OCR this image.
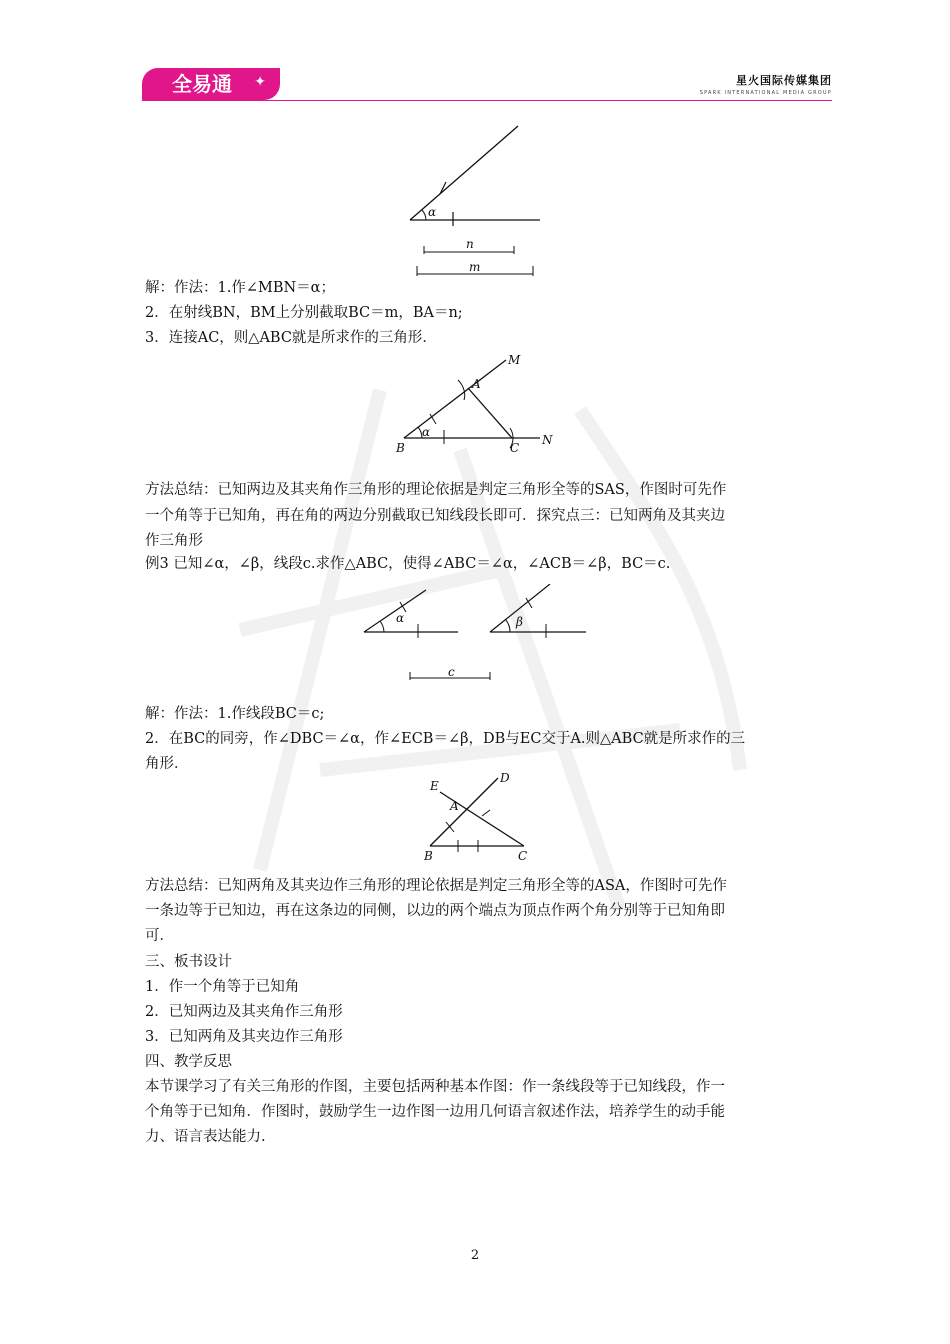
全易通 ✦	星火国际传媒集团
SPARK INTERNATIONAL MEDIA GROUP
α
n
m
解：作法：1.作∠MBN＝α；
2．在射线BN，BM上分别截取BC＝m，BA＝n;
3．连接AC，则△ABC就是所求作的三角形．
M
A
α
B	C
N
方法总结：已知两边及其夹角作三角形的理论依据是判定三角形全等的SAS，作图时可先作
一个角等于已知角，再在角的两边分别截取已知线段长即可．探究点三：已知两角及其夹边
作三角形
例3 已知∠α，∠β，线段c.求作△ABC，使得∠ABC＝∠α，∠ACB＝∠β，BC＝c.
α	β
c
解：作法：1.作线段BC＝c;
2．在BC的同旁，作∠DBC＝∠α，作∠ECB＝∠β，DB与EC交于A.则△ABC就是所求作的三
角形．
E
D
A
B	C
方法总结：已知两角及其夹边作三角形的理论依据是判定三角形全等的ASA，作图时可先作
一条边等于已知边，再在这条边的同侧，以边的两个端点为顶点作两个角分别等于已知角即
可．
三、板书设计
1．作一个角等于已知角
2．已知两边及其夹角作三角形
3．已知两角及其夹边作三角形
四、教学反思
本节课学习了有关三角形的作图，主要包括两种基本作图：作一条线段等于已知线段，作一
个角等于已知角．作图时，鼓励学生一边作图一边用几何语言叙述作法，培养学生的动手能
力、语言表达能力.
2
